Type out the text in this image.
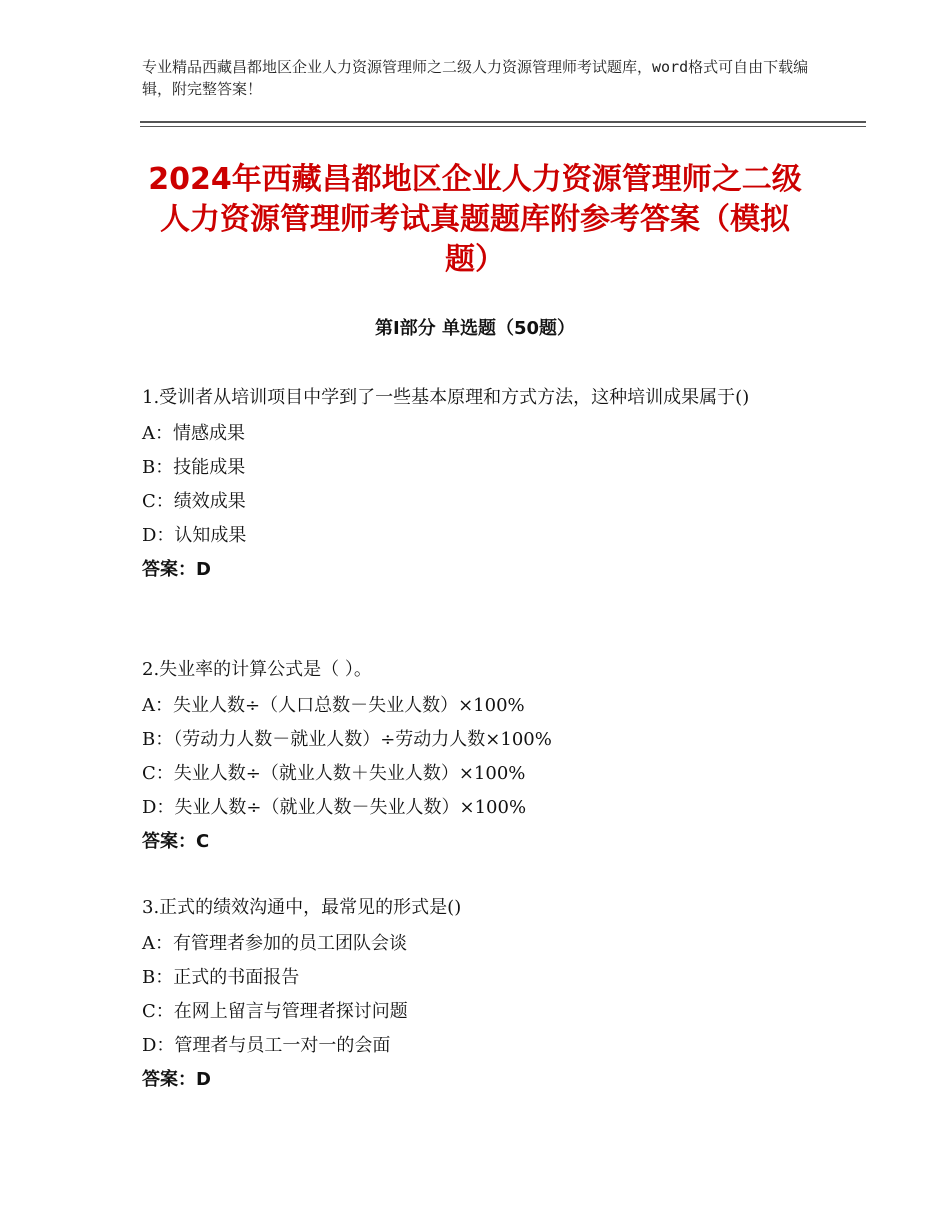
专业精品西藏昌都地区企业人力资源管理师之二级人力资源管理师考试题库，word格式可自由下载编辑，附完整答案！
2024年西藏昌都地区企业人力资源管理师之二级人力资源管理师考试真题题库附参考答案（模拟题）
第Ⅰ部分 单选题（50题）
1.受训者从培训项目中学到了一些基本原理和方式方法，这种培训成果属于()
A：情感成果
B：技能成果
C：绩效成果
D：认知成果
答案：D
2.失业率的计算公式是（ ）。
A：失业人数÷（人口总数－失业人数）×100%
B：（劳动力人数－就业人数）÷劳动力人数×100%
C：失业人数÷（就业人数＋失业人数）×100%
D：失业人数÷（就业人数－失业人数）×100%
答案：C
3.正式的绩效沟通中，最常见的形式是()
A：有管理者参加的员工团队会谈
B：正式的书面报告
C：在网上留言与管理者探讨问题
D：管理者与员工一对一的会面
答案：D
